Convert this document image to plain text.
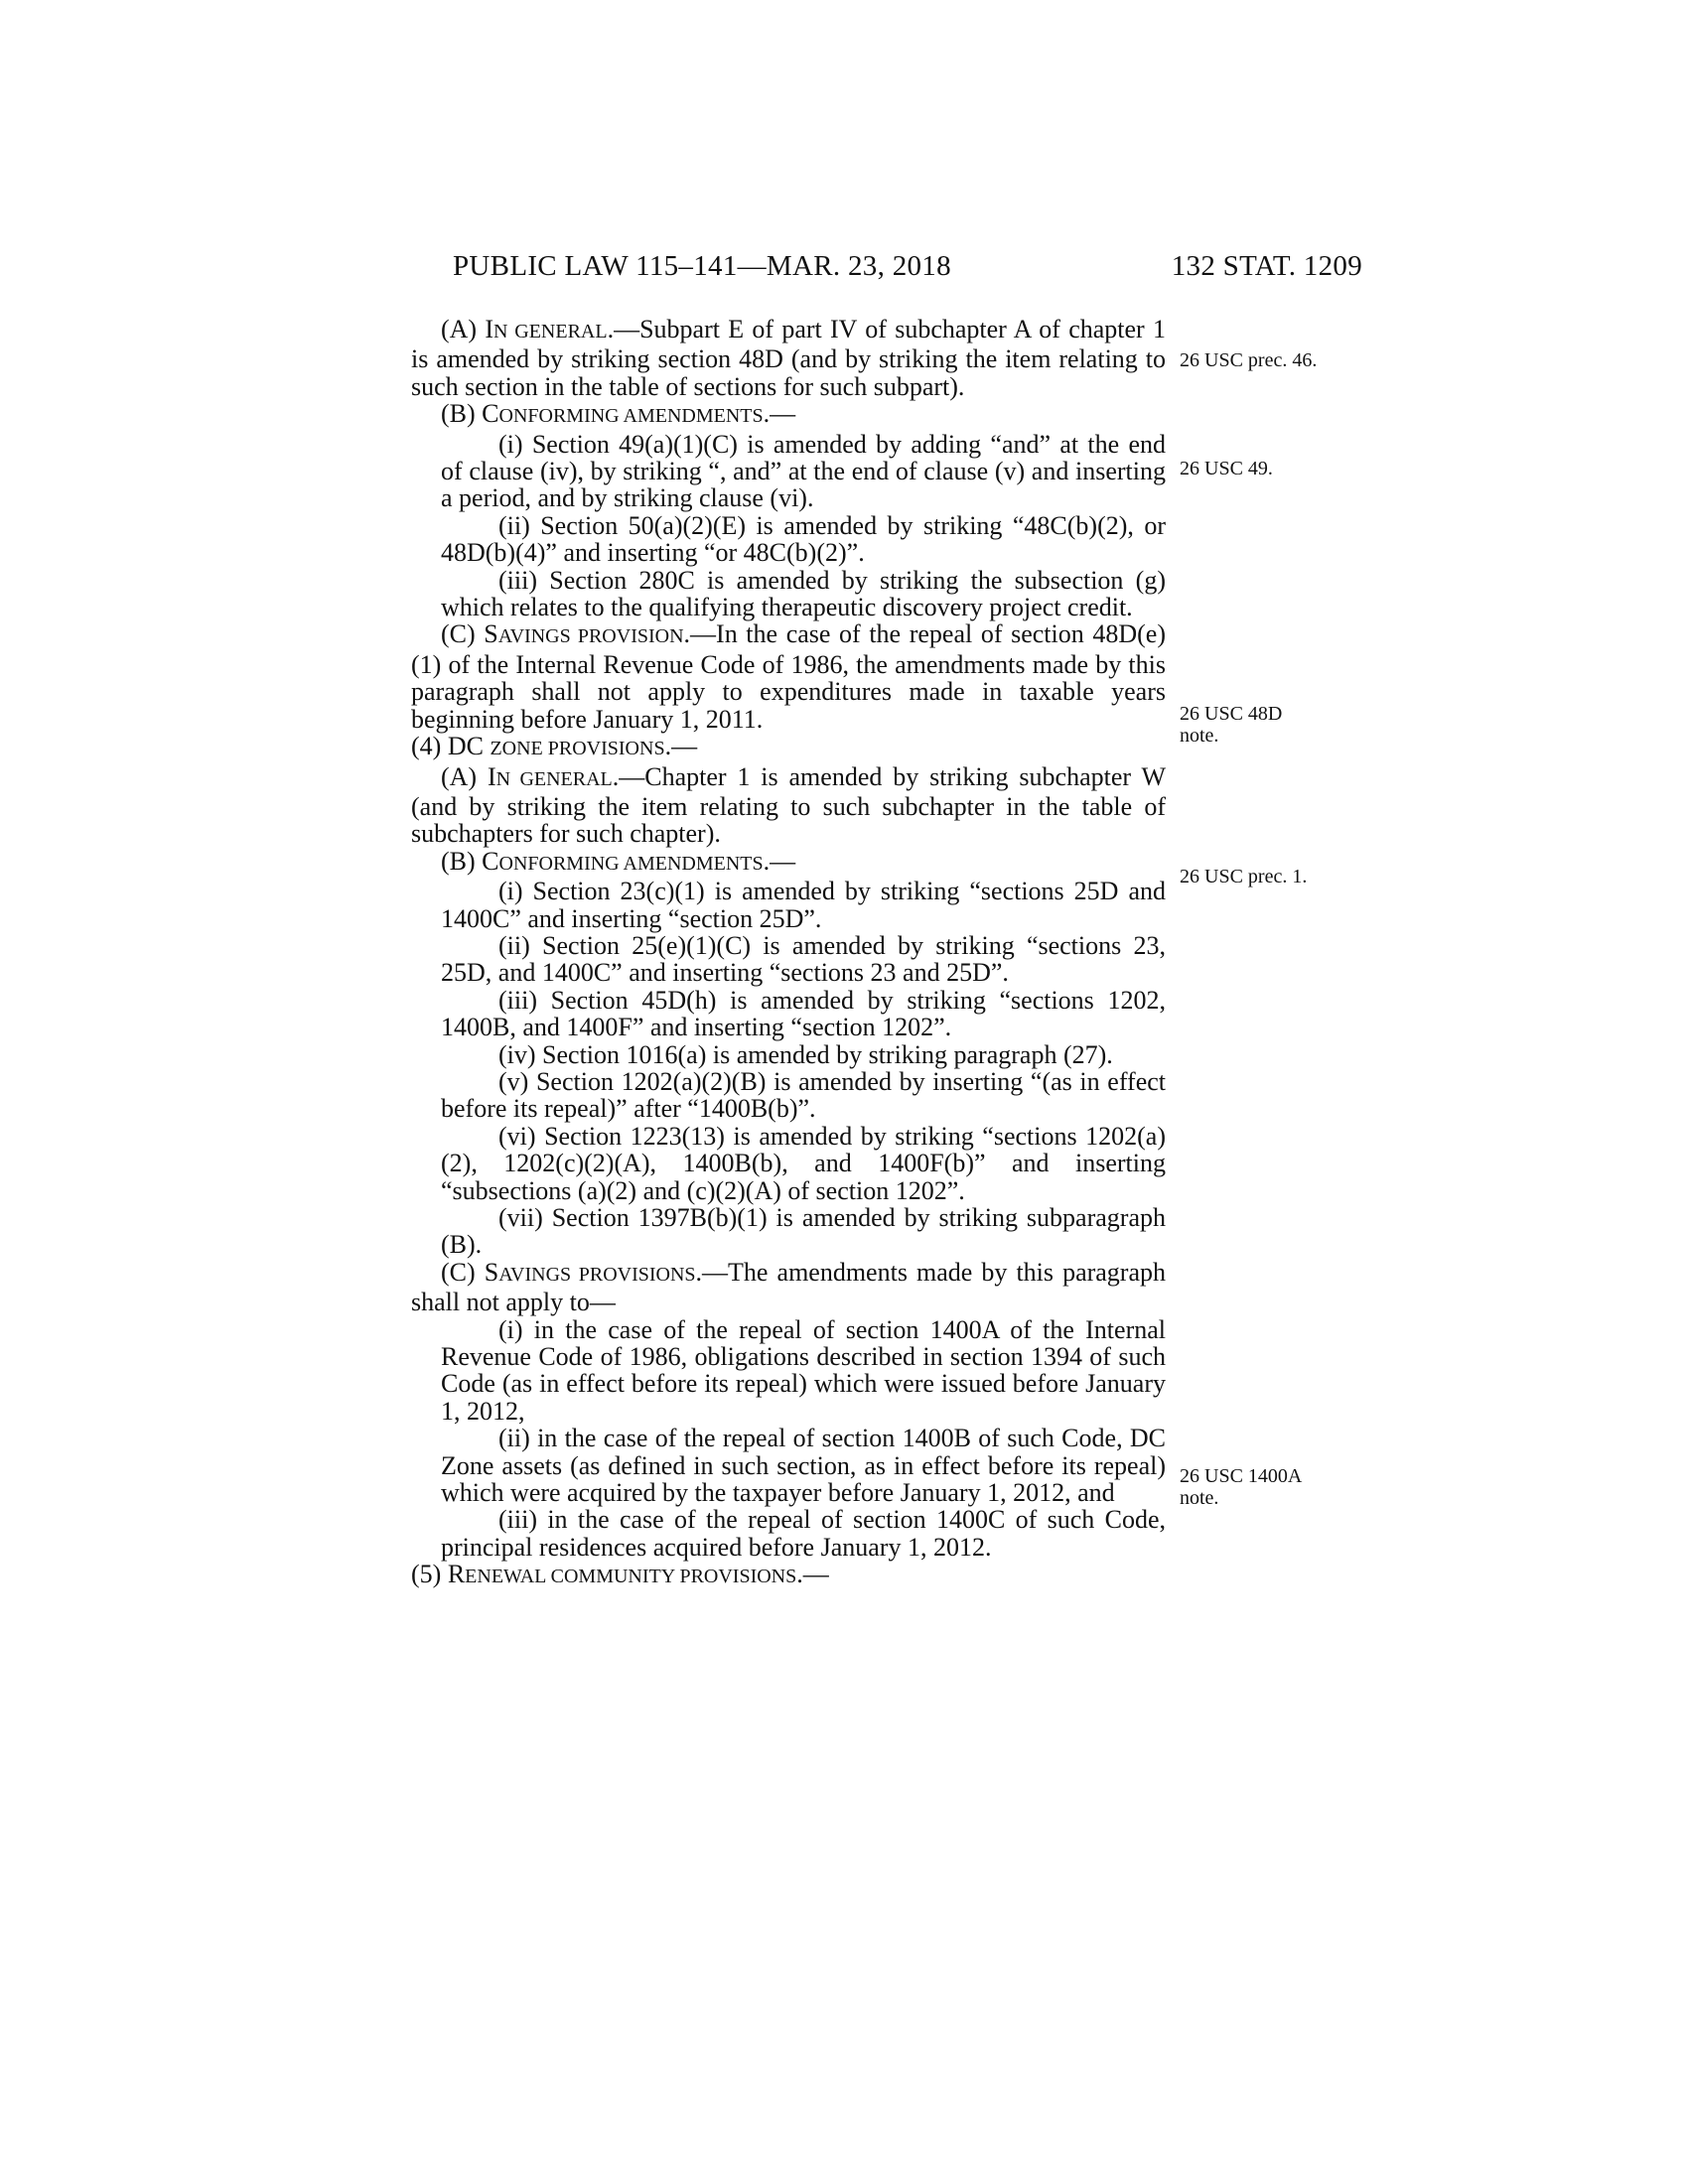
PUBLIC LAW 115–141—MAR. 23, 2018	132 STAT. 1209

(A) IN GENERAL.—Subpart E of part IV of subchapter A of chapter 1 is amended by striking section 48D (and by striking the item relating to such section in the table of sections for such subpart).

(B) CONFORMING AMENDMENTS.—

(i) Section 49(a)(1)(C) is amended by adding “and” at the end of clause (iv), by striking “, and” at the end of clause (v) and inserting a period, and by striking clause (vi).

(ii) Section 50(a)(2)(E) is amended by striking “48C(b)(2), or 48D(b)(4)” and inserting “or 48C(b)(2)”.

(iii) Section 280C is amended by striking the subsection (g) which relates to the qualifying therapeutic discovery project credit.

(C) SAVINGS PROVISION.—In the case of the repeal of section 48D(e)(1) of the Internal Revenue Code of 1986, the amendments made by this paragraph shall not apply to expenditures made in taxable years beginning before January 1, 2011.

(4) DC ZONE PROVISIONS.—

(A) IN GENERAL.—Chapter 1 is amended by striking subchapter W (and by striking the item relating to such subchapter in the table of subchapters for such chapter).

(B) CONFORMING AMENDMENTS.—

(i) Section 23(c)(1) is amended by striking “sections 25D and 1400C” and inserting “section 25D”.

(ii) Section 25(e)(1)(C) is amended by striking “sections 23, 25D, and 1400C” and inserting “sections 23 and 25D”.

(iii) Section 45D(h) is amended by striking “sections 1202, 1400B, and 1400F” and inserting “section 1202”.

(iv) Section 1016(a) is amended by striking paragraph (27).

(v) Section 1202(a)(2)(B) is amended by inserting “(as in effect before its repeal)” after “1400B(b)”.

(vi) Section 1223(13) is amended by striking “sections 1202(a)(2), 1202(c)(2)(A), 1400B(b), and 1400F(b)” and inserting “subsections (a)(2) and (c)(2)(A) of section 1202”.

(vii) Section 1397B(b)(1) is amended by striking subparagraph (B).

(C) SAVINGS PROVISIONS.—The amendments made by this paragraph shall not apply to—

(i) in the case of the repeal of section 1400A of the Internal Revenue Code of 1986, obligations described in section 1394 of such Code (as in effect before its repeal) which were issued before January 1, 2012,

(ii) in the case of the repeal of section 1400B of such Code, DC Zone assets (as defined in such section, as in effect before its repeal) which were acquired by the taxpayer before January 1, 2012, and

(iii) in the case of the repeal of section 1400C of such Code, principal residences acquired before January 1, 2012.

(5) RENEWAL COMMUNITY PROVISIONS.—

26 USC prec. 46.
26 USC 49.
26 USC 48D
note.
26 USC prec. 1.
26 USC 1400A
note.
